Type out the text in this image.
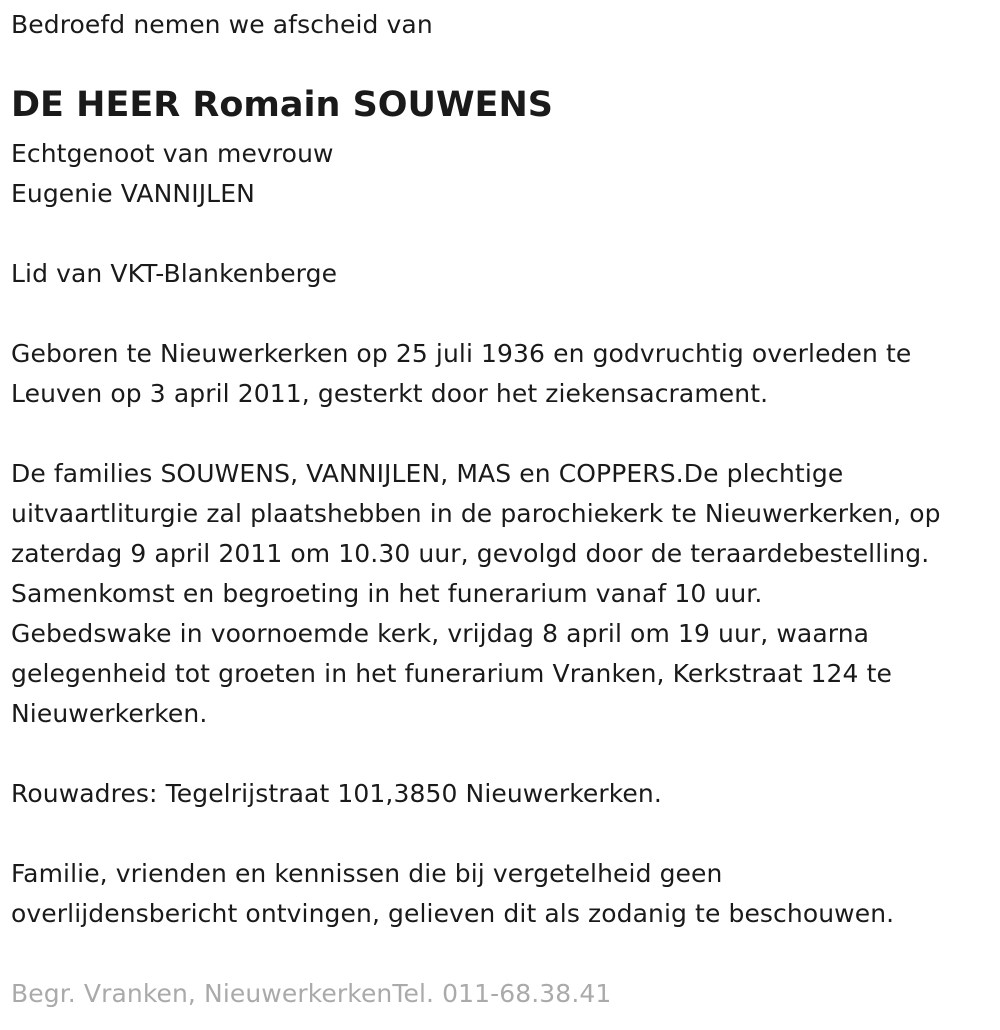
Bedroefd nemen we afscheid van
DE HEER Romain SOUWENS
Echtgenoot van mevrouw
Eugenie VANNIJLEN
Lid van VKT-Blankenberge
Geboren te Nieuwerkerken op 25 juli 1936 en godvruchtig overleden te
Leuven op 3 april 2011, gesterkt door het ziekensacrament.
De families SOUWENS, VANNIJLEN, MAS en COPPERS.De plechtige
uitvaartliturgie zal plaatshebben in de parochiekerk te Nieuwerkerken, op
zaterdag 9 april 2011 om 10.30 uur, gevolgd door de teraardebestelling.
Samenkomst en begroeting in het funerarium vanaf 10 uur.
Gebedswake in voornoemde kerk, vrijdag 8 april om 19 uur, waarna
gelegenheid tot groeten in het funerarium Vranken, Kerkstraat 124 te
Nieuwerkerken.
Rouwadres: Tegelrijstraat 101,3850 Nieuwerkerken.
Familie, vrienden en kennissen die bij vergetelheid geen
overlijdensbericht ontvingen, gelieven dit als zodanig te beschouwen.
Begr. Vranken, NieuwerkerkenTel. 011-68.38.41
